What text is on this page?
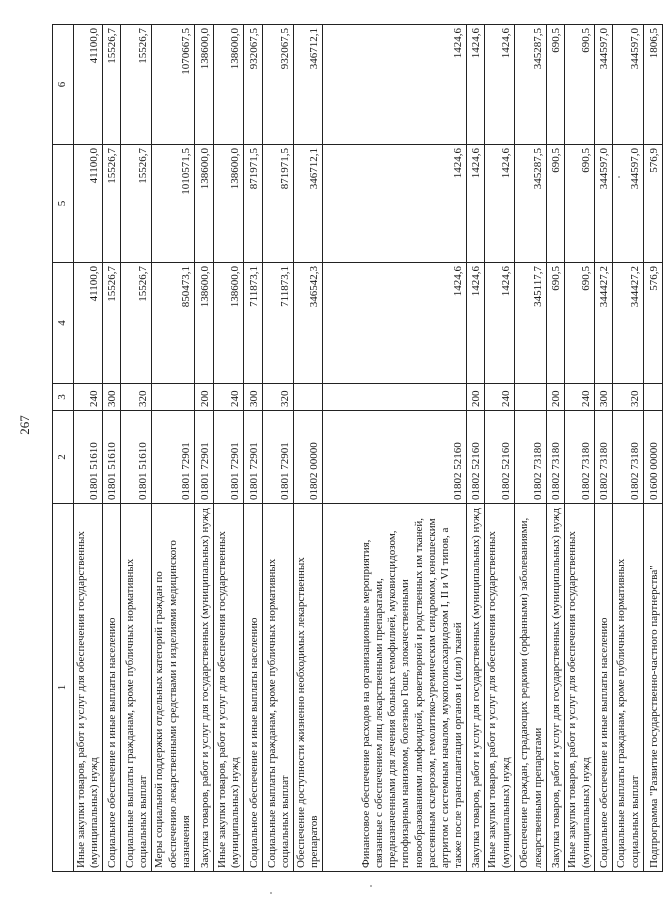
267
1	2	3	4	5	6
Иные закупки товаров, работ и услуг для обеспечения государственных (муниципальных) нужд	01801 51610	240	41100,0	41100,0	41100,0
Социальное обеспечение и иные выплаты населению	01801 51610	300	15526,7	15526,7	15526,7
Социальные выплаты гражданам, кроме публичных нормативных социальных выплат	01801 51610	320	15526,7	15526,7	15526,7
Меры социальной поддержки отдельных категорий граждан по обеспечению лекарственными средствами и изделиями медицинского назначения	01801 72901		850473,1	1010571,5	1070667,5
Закупка товаров, работ и услуг для государственных (муниципальных) нужд	01801 72901	200	138600,0	138600,0	138600,0
Иные закупки товаров, работ и услуг для обеспечения государственных (муниципальных) нужд	01801 72901	240	138600,0	138600,0	138600,0
Социальное обеспечение и иные выплаты населению	01801 72901	300	711873,1	871971,5	932067,5
Социальные выплаты гражданам, кроме публичных нормативных социальных выплат	01801 72901	320	711873,1	871971,5	932067,5
Обеспечение доступности жизненно необходимых лекарственных препаратов	01802 00000		346542,3	346712,1	346712,1
Финансовое обеспечение расходов на организационные мероприятия, связанные с обеспечением лиц лекарственными препаратами, предназначенными для лечения больных гемофилией, муковисцидозом, гипофизарным нанизмом, болезнью Гоше, злокачественными новообразованиями лимфоидной, кроветворной и родственных им тканей, рассеянным склерозом, гемолитико-уремическим синдромом, юношеским артритом с системным началом, мукополисахаридозом I, II и VI типов, а также после трансплантации органов и (или) тканей	01802 52160		1424,6	1424,6	1424,6
Закупка товаров, работ и услуг для государственных (муниципальных) нужд	01802 52160	200	1424,6	1424,6	1424,6
Иные закупки товаров, работ и услуг для обеспечения государственных (муниципальных) нужд	01802 52160	240	1424,6	1424,6	1424,6
Обеспечение граждан, страдающих редкими (орфанными) заболеваниями, лекарственными препаратами	01802 73180		345117,7	345287,5	345287,5
Закупка товаров, работ и услуг для государственных (муниципальных) нужд	01802 73180	200	690,5	690,5	690,5
Иные закупки товаров, работ и услуг для обеспечения государственных (муниципальных) нужд	01802 73180	240	690,5	690,5	690,5
Социальное обеспечение и иные выплаты населению	01802 73180	300	344427,2	344597,0	344597,0
Социальные выплаты гражданам, кроме публичных нормативных социальных выплат	01802 73180	320	344427,2	344597,0	344597,0
Подпрограмма "Развитие государственно-частного партнерства"	01600 00000		576,9	576,9	1806,5
